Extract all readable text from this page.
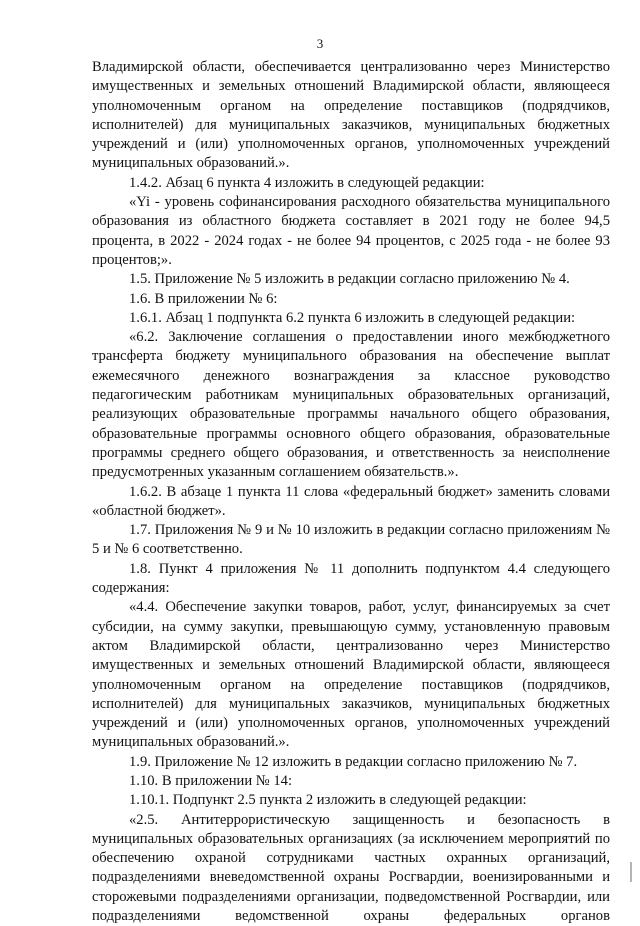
3

Владимирской области, обеспечивается централизованно через Министерство имущественных и земельных отношений Владимирской области, являющееся уполномоченным органом на определение поставщиков (подрядчиков, исполнителей) для муниципальных заказчиков, муниципальных бюджетных учреждений и (или) уполномоченных органов, уполномоченных учреждений муниципальных образований.».

1.4.2. Абзац 6 пункта 4 изложить в следующей редакции:

«Yi - уровень софинансирования расходного обязательства муниципального образования из областного бюджета составляет в 2021 году не более 94,5 процента, в 2022 - 2024 годах - не более 94 процентов, с 2025 года - не более 93 процентов;».

1.5. Приложение № 5 изложить в редакции согласно приложению № 4.

1.6. В приложении № 6:

1.6.1. Абзац 1 подпункта 6.2 пункта 6 изложить в следующей редакции:

«6.2. Заключение соглашения о предоставлении иного межбюджетного трансферта бюджету муниципального образования на обеспечение выплат ежемесячного денежного вознаграждения за классное руководство педагогическим работникам муниципальных образовательных организаций, реализующих образовательные программы начального общего образования, образовательные программы основного общего образования, образовательные программы среднего общего образования, и ответственность за неисполнение предусмотренных указанным соглашением обязательств.».

1.6.2. В абзаце 1 пункта 11 слова «федеральный бюджет» заменить словами «областной бюджет».

1.7. Приложения № 9 и № 10 изложить в редакции согласно приложениям № 5 и № 6 соответственно.

1.8. Пункт 4 приложения № 11 дополнить подпунктом 4.4 следующего содержания:

«4.4. Обеспечение закупки товаров, работ, услуг, финансируемых за счет субсидии, на сумму закупки, превышающую сумму, установленную правовым актом Владимирской области, централизованно через Министерство имущественных и земельных отношений Владимирской области, являющееся уполномоченным органом на определение поставщиков (подрядчиков, исполнителей) для муниципальных заказчиков, муниципальных бюджетных учреждений и (или) уполномоченных органов, уполномоченных учреждений муниципальных образований.».

1.9. Приложение № 12 изложить в редакции согласно приложению № 7.

1.10. В приложении № 14:

1.10.1. Подпункт 2.5 пункта 2 изложить в следующей редакции:

«2.5. Антитеррористическую защищенность и безопасность в муниципальных образовательных организациях (за исключением мероприятий по обеспечению охраной сотрудниками частных охранных организаций, подразделениями вневедомственной охраны Росгвардии, военизированными и сторожевыми подразделениями организации, подведомственной Росгвардии, или подразделениями ведомственной охраны федеральных органов
